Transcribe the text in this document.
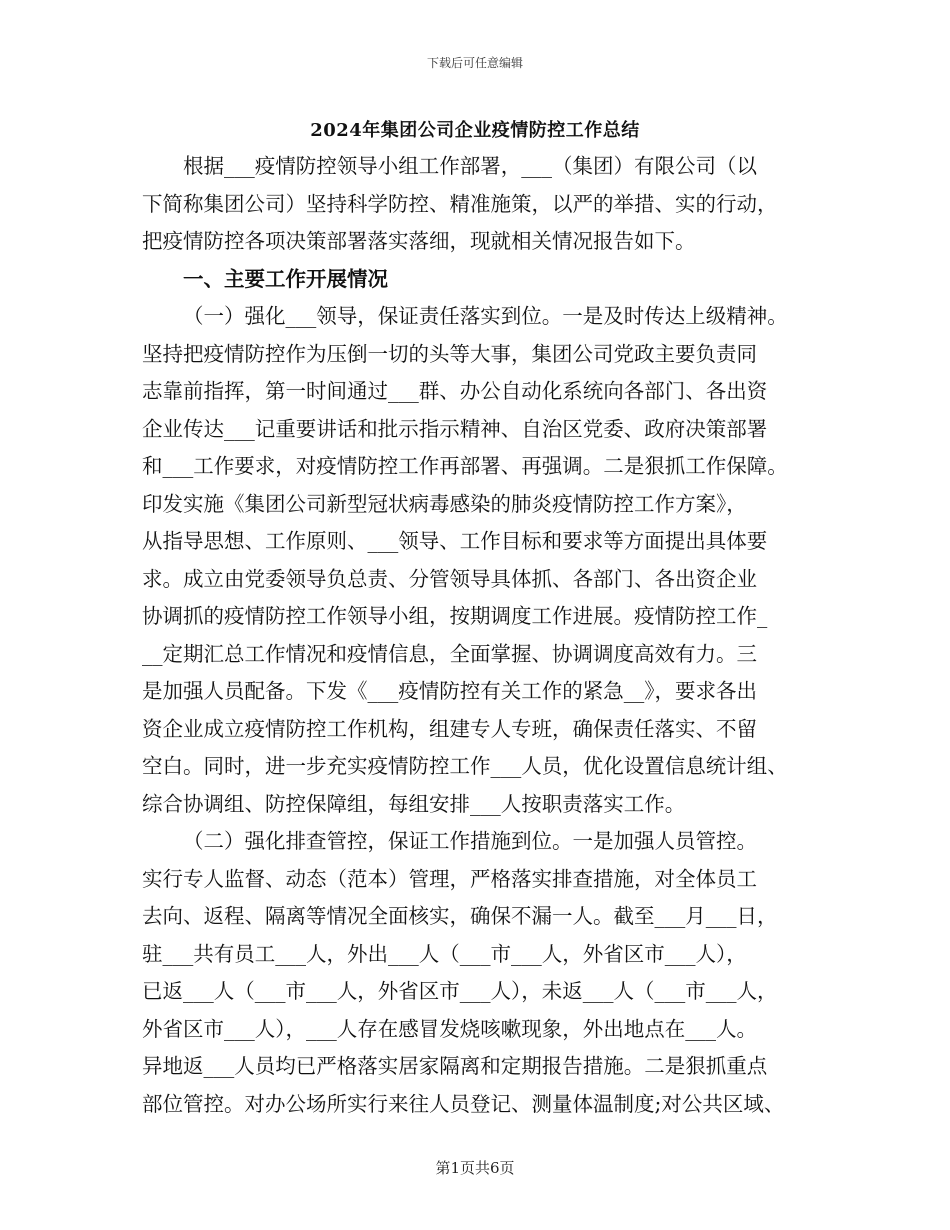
下载后可任意编辑
2024年集团公司企业疫情防控工作总结
根据___疫情防控领导小组工作部署，___（集团）有限公司（以
下简称集团公司）坚持科学防控、精准施策，以严的举措、实的行动，
把疫情防控各项决策部署落实落细，现就相关情况报告如下。
一、主要工作开展情况
（一）强化___领导，保证责任落实到位。一是及时传达上级精神。
坚持把疫情防控作为压倒一切的头等大事，集团公司党政主要负责同
志靠前指挥，第一时间通过___群、办公自动化系统向各部门、各出资
企业传达___记重要讲话和批示指示精神、自治区党委、政府决策部署
和___工作要求，对疫情防控工作再部署、再强调。二是狠抓工作保障。
印发实施《集团公司新型冠状病毒感染的肺炎疫情防控工作方案》，
从指导思想、工作原则、___领导、工作目标和要求等方面提出具体要
求。成立由党委领导负总责、分管领导具体抓、各部门、各出资企业
协调抓的疫情防控工作领导小组，按期调度工作进展。疫情防控工作_
__定期汇总工作情况和疫情信息，全面掌握、协调调度高效有力。三
是加强人员配备。下发《___疫情防控有关工作的紧急__》，要求各出
资企业成立疫情防控工作机构，组建专人专班，确保责任落实、不留
空白。同时，进一步充实疫情防控工作___人员，优化设置信息统计组、
综合协调组、防控保障组，每组安排___人按职责落实工作。
（二）强化排查管控，保证工作措施到位。一是加强人员管控。
实行专人监督、动态（范本）管理，严格落实排查措施，对全体员工
去向、返程、隔离等情况全面核实，确保不漏一人。截至___月___日，
驻___共有员工___人，外出___人（___市___人，外省区市___人），
已返___人（___市___人，外省区市___人），未返___人（___市___人，
外省区市___人），___人存在感冒发烧咳嗽现象，外出地点在___人。
异地返___人员均已严格落实居家隔离和定期报告措施。二是狠抓重点
部位管控。对办公场所实行来往人员登记、测量体温制度;对公共区域、
第1页共6页
